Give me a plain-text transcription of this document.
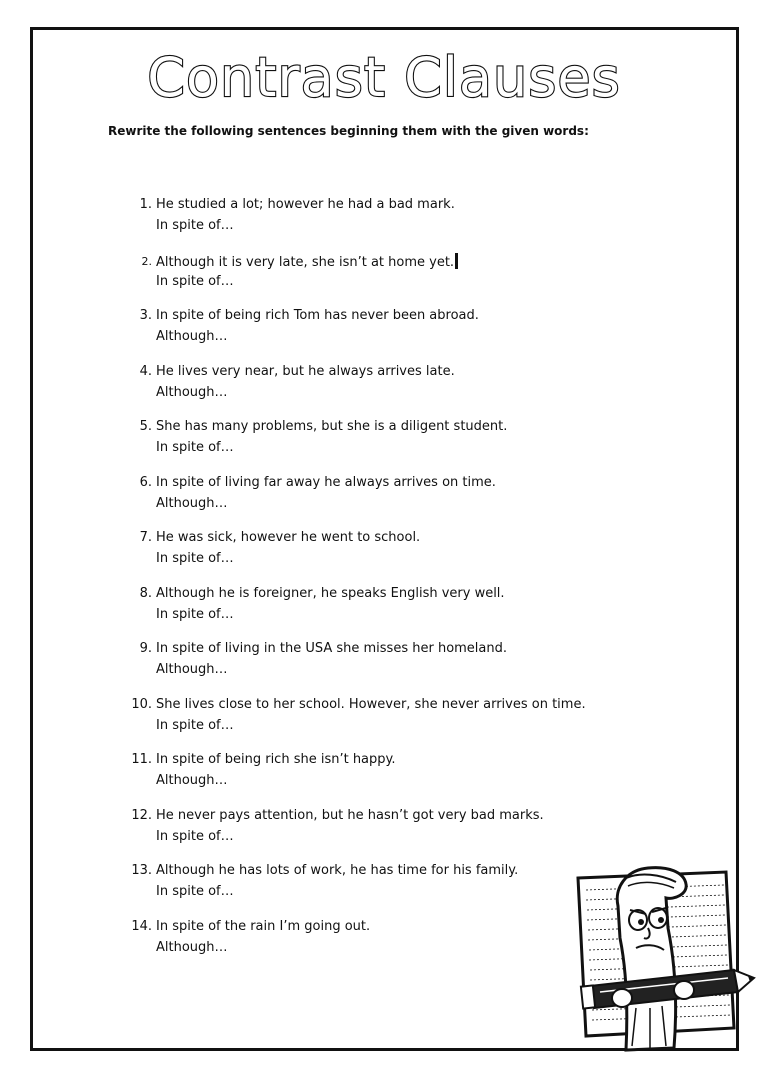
Contrast Clauses
Rewrite the following sentences beginning them with the given words:
1. He studied a lot; however he had a bad mark.
In spite of…
2. Although it is very late, she isn’t at home yet.
In spite of…
3. In spite of being rich Tom has never been abroad.
Although…
4. He lives very near, but he always arrives late.
Although…
5. She has many problems, but she is a diligent student.
In spite of…
6. In spite of living far away he always arrives on time.
Although…
7. He was sick, however he went to school.
In spite of…
8. Although he is foreigner, he speaks English very well.
In spite of…
9. In spite of living in the USA she misses her homeland.
Although…
10. She lives close to her school. However, she never arrives on time.
In spite of…
11. In spite of being rich she isn’t happy.
Although…
12. He never pays attention, but he hasn’t got very bad marks.
In spite of…
13. Although he has lots of work, he has time for his family.
In spite of…
14. In spite of the rain I’m going out.
Although…
